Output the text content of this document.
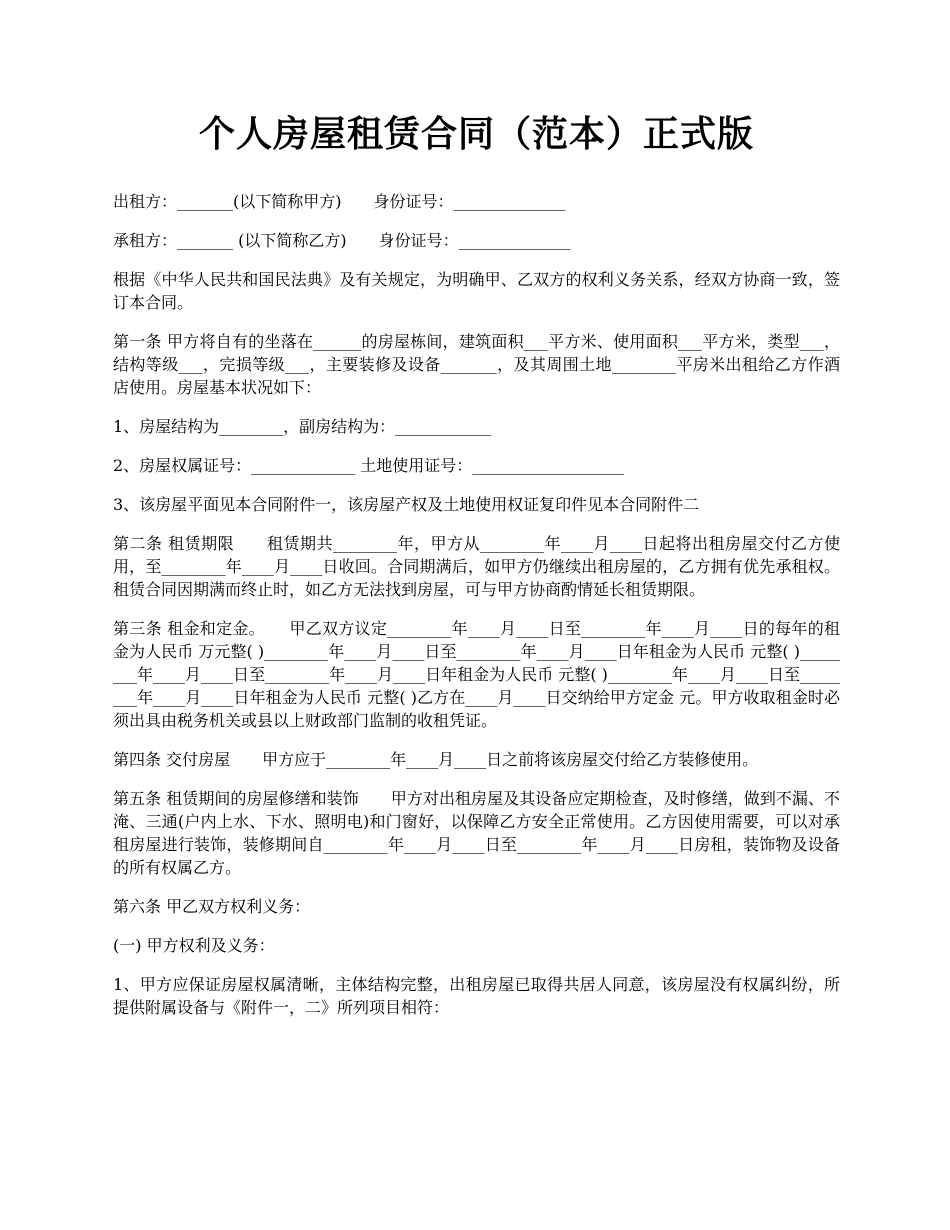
个人房屋租赁合同（范本）正式版

出租方：_______(以下简称甲方)　　身份证号：______________

承租方：_______ (以下简称乙方)　　身份证号：______________

根据《中华人民共和国民法典》及有关规定，为明确甲、乙双方的权利义务关系，经双方协商一致，签订本合同。

第一条 甲方将自有的坐落在______的房屋栋间，建筑面积___平方米、使用面积___平方米，类型___，结构等级___，完损等级___，主要装修及设备_______，及其周围土地________平房米出租给乙方作酒店使用。房屋基本状况如下：

1、房屋结构为________，副房结构为：____________

2、房屋权属证号：_____________ 土地使用证号：___________________

3、该房屋平面见本合同附件一，该房屋产权及土地使用权证复印件见本合同附件二

第二条 租赁期限　　租赁期共________年，甲方从________年____月____日起将出租房屋交付乙方使用，至________年____月____日收回。合同期满后，如甲方仍继续出租房屋的，乙方拥有优先承租权。租赁合同因期满而终止时，如乙方无法找到房屋，可与甲方协商酌情延长租赁期限。

第三条 租金和定金。　　甲乙双方议定________年____月____日至________年____月____日的每年的租金为人民币 万元整( )________年____月____日至________年____月____日年租金为人民币 元整( )________年____月____日至________年____月____日年租金为人民币 元整( )________年____月____日至________年____月____日年租金为人民币 元整( )乙方在____月____日交纳给甲方定金 元。甲方收取租金时必须出具由税务机关或县以上财政部门监制的收租凭证。

第四条 交付房屋　　甲方应于________年____月____日之前将该房屋交付给乙方装修使用。

第五条 租赁期间的房屋修缮和装饰　　甲方对出租房屋及其设备应定期检查，及时修缮，做到不漏、不淹、三通(户内上水、下水、照明电)和门窗好，以保障乙方安全正常使用。乙方因使用需要，可以对承租房屋进行装饰，装修期间自________年____月____日至________年____月____日房租，装饰物及设备的所有权属乙方。

第六条 甲乙双方权利义务：

(一) 甲方权利及义务：

1、甲方应保证房屋权属清晰，主体结构完整，出租房屋已取得共居人同意，该房屋没有权属纠纷，所提供附属设备与《附件一，二》所列项目相符：
